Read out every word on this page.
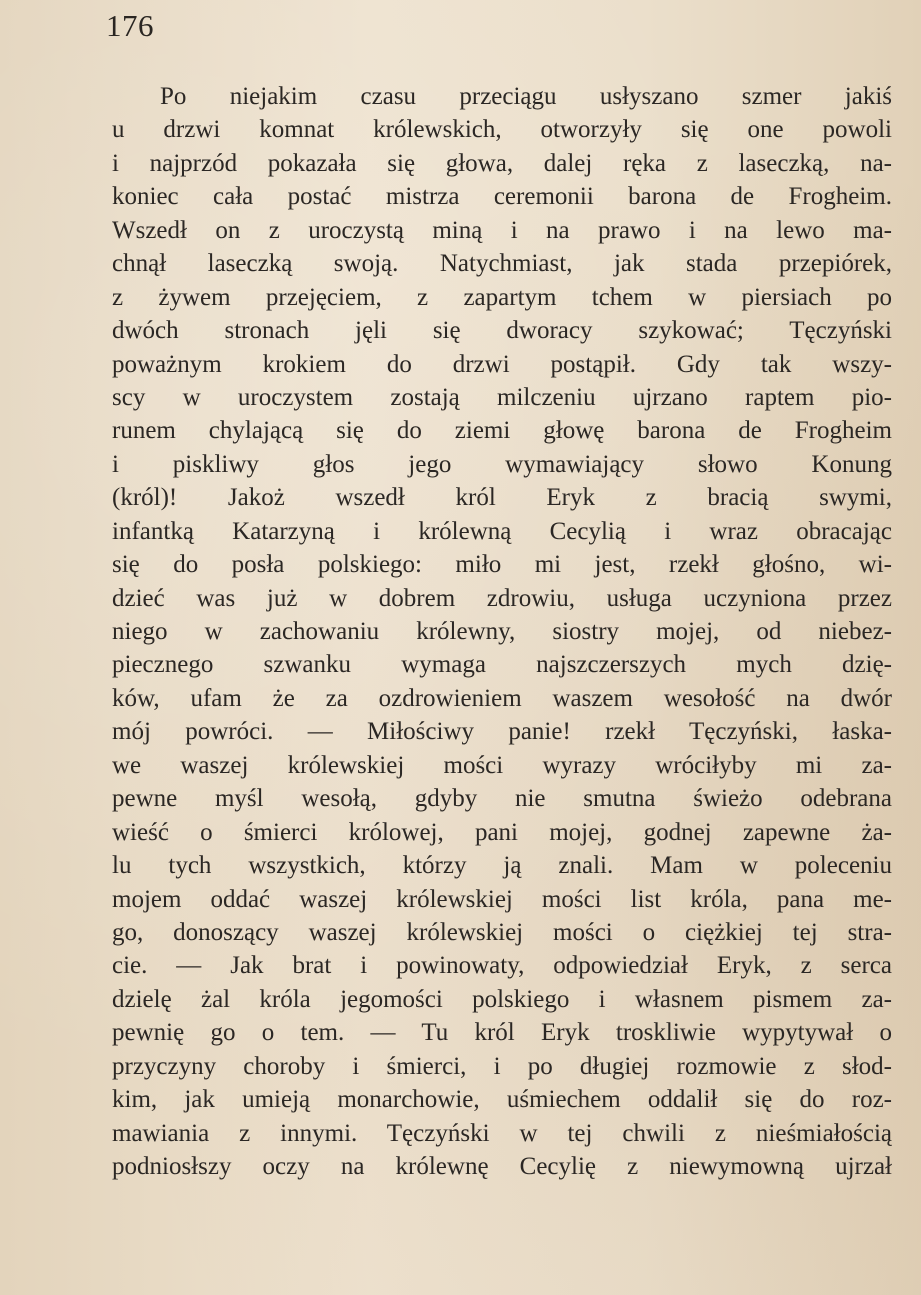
176
Po niejakim czasu przeciągu usłyszano szmer jakiś
u drzwi komnat królewskich, otworzyły się one powoli
i najprzód pokazała się głowa, dalej ręka z laseczką, na-
koniec cała postać mistrza ceremonii barona de Frogheim.
Wszedł on z uroczystą miną i na prawo i na lewo ma-
chnął laseczką swoją. Natychmiast, jak stada przepiórek,
z żywem przejęciem, z zapartym tchem w piersiach po
dwóch stronach jęli się dworacy szykować; Tęczyński
poważnym krokiem do drzwi postąpił. Gdy tak wszy-
scy w uroczystem zostają milczeniu ujrzano raptem pio-
runem chylającą się do ziemi głowę barona de Frogheim
i piskliwy głos jego wymawiający słowo Konung
(król)! Jakoż wszedł król Eryk z bracią swymi,
infantką Katarzyną i królewną Cecylią i wraz obracając
się do posła polskiego: miło mi jest, rzekł głośno, wi-
dzieć was już w dobrem zdrowiu, usługa uczyniona przez
niego w zachowaniu królewny, siostry mojej, od niebez-
piecznego szwanku wymaga najszczerszych mych dzię-
ków, ufam że za ozdrowieniem waszem wesołość na dwór
mój powróci. — Miłościwy panie! rzekł Tęczyński, łaska-
we waszej królewskiej mości wyrazy wróciłyby mi za-
pewne myśl wesołą, gdyby nie smutna świeżo odebrana
wieść o śmierci królowej, pani mojej, godnej zapewne ża-
lu tych wszystkich, którzy ją znali. Mam w poleceniu
mojem oddać waszej królewskiej mości list króla, pana me-
go, donoszący waszej królewskiej mości o ciężkiej tej stra-
cie. — Jak brat i powinowaty, odpowiedział Eryk, z serca
dzielę żal króla jegomości polskiego i własnem pismem za-
pewnię go o tem. — Tu król Eryk troskliwie wypytywał o
przyczyny choroby i śmierci, i po długiej rozmowie z słod-
kim, jak umieją monarchowie, uśmiechem oddalił się do roz-
mawiania z innymi. Tęczyński w tej chwili z nieśmiałością
podniosłszy oczy na królewnę Cecylię z niewymowną ujrzał
